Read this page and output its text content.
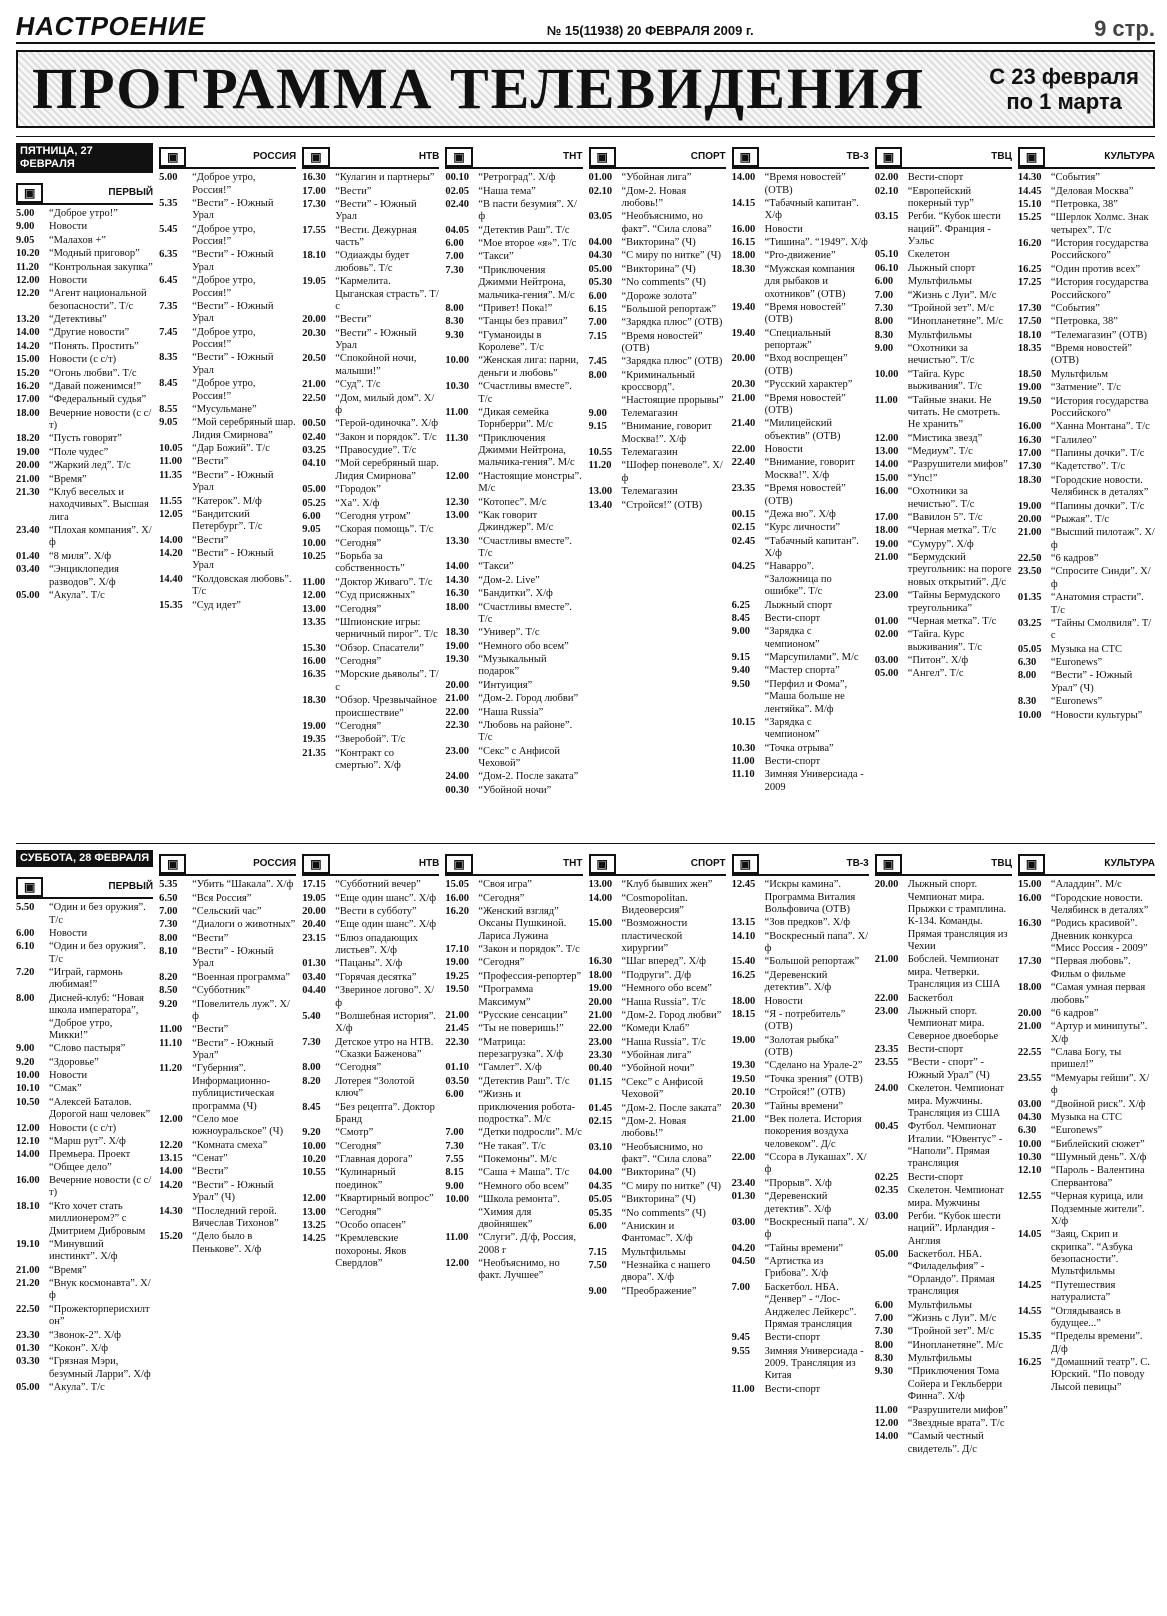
НАСТРОЕНИЕ	№ 15(11938) 20 ФЕВРАЛЯ 2009 г.	9 стр.
ПРОГРАММА ТЕЛЕВИДЕНИЯ	С 23 февраля
по 1 марта
ПЯТНИЦА, 27 ФЕВРАЛЯ
▣	ПЕРВЫЙ
5.00	“Доброе утро!”
9.00	Новости
9.05	“Малахов +”
10.20 “Модный приговор”
11.20 “Контрольная закупка”
12.00 Новости
12.20 “Агент национальной безопасности”. Т/с
13.20 “Детективы”
14.00 “Другие новости”
14.20 “Понять. Простить”
15.00 Новости (с с/т)
15.20 “Огонь любви”. Т/с
16.20 “Давай поженимся!”
17.00 “Федеральный судья”
18.00 Вечерние новости (с с/т)
18.20 “Пусть говорят”
19.00 “Поле чудес”
20.00 “Жаркий лед”. Т/с
21.00 “Время”
21.30 “Клуб веселых и находчивых”. Высшая лига
23.40 “Плохая компания”. Х/ф
01.40 “8 миля”. Х/ф
03.40 “Энциклопедия разводов”. Х/ф
05.00 “Акула”. Т/с
▣	РОССИЯ
5.00	“Доброе утро, Россия!”
5.35	“Вести” - Южный Урал
5.45	“Доброе утро, Россия!”
6.35	“Вести” - Южный Урал
6.45	“Доброе утро, Россия!”
7.35	“Вести” - Южный Урал
7.45	“Доброе утро, Россия!”
8.35	“Вести” - Южный Урал
8.45	“Доброе утро, Россия!”
8.55	“Мусульмане”
9.05	“Мой серебряный шар. Лидия Смирнова”
10.05 “Дар Божий”. Т/с
11.00 “Вести”
11.35 “Вести” - Южный Урал
11.55 “Катерок”. М/ф
12.05 “Бандитский Петербург”. Т/с
14.00 “Вести”
14.20 “Вести” - Южный Урал
14.40 “Колдовская любовь”. Т/с
15.35 “Суд идет”
▣	НТВ
16.30 “Кулагин и партнеры”
17.00 “Вести”
17.30 “Вести” - Южный Урал
17.55 “Вести. Дежурная часть”
18.10 “Одиажды будет любовь”. Т/с
19.05 “Кармелита. Цыганская страсть”. Т/с
20.00 “Вести”
20.30 “Вести” - Южный Урал
20.50 “Спокойной ночи, малыши!”
21.00 “Суд”. Т/с
22.50 “Дом, милый дом”. Х/ф
00.50 “Герой-одиночка”. Х/ф
02.40 “Закон и порядок”. Т/с
03.25 “Правосудие”. Т/с
04.10 “Мой серебряный шар. Лидия Смирнова”
05.00 “Городок”
05.25 “Ха”. Х/ф
6.00	“Сегодня утром”
9.05	“Скорая помощь”. Т/с
10.00 “Сегодня”
10.25 “Борьба за собственность”
11.00 “Доктор Живаго”. Т/с
12.00 “Суд присяжных”
13.00 “Сегодня”
13.35 “Шпионские игры: черничный пирог”. Т/с
15.30 “Обзор. Спасатели”
16.00 “Сегодня”
16.35 “Морские дьяволы”. Т/с
18.30 “Обзор. Чрезвычайное происшествие”
19.00 “Сегодня”
19.35 “Зверобой”. Т/с
21.35 “Контракт со смертью”. Х/ф
▣	ТНТ
00.10 “Ретроград”. Х/ф
02.05 “Наша тема”
02.40 “В пасти безумия”. Х/ф
04.05 “Детектив Раш”. Т/с
6.00	“Мое второе «я»”. Т/с
7.00	“Такси”
7.30	“Приключения Джимми Нейтрона, мальчика-гения”. М/с
8.00	“Привет! Пока!”
8.30	“Танцы без правил”
9.30	“Гуманоиды в Королеве”. Т/с
10.00 “Женская лига: парни, деньги и любовь”
10.30 “Счастливы вместе”. Т/с
11.00 “Дикая семейка Торнберри”. М/с
11.30 “Приключения Джимми Нейтрона, мальчика-гения”. М/с
12.00 “Настоящие монстры”. М/с
12.30 “Котопес”. М/с
13.00 “Как говорит Джинджер”. М/с
13.30 “Счастливы вместе”. Т/с
14.00 “Такси”
14.30 “Дом-2. Live”
16.30 “Бандитки”. Х/ф
18.00 “Счастливы вместе”. Т/с
18.30 “Универ”. Т/с
19.00 “Немного обо всем”
19.30 “Музыкальный подарок”
20.00 “Интуиция”
21.00 “Дом-2. Город любви”
22.00 “Наша Russia”
22.30 “Любовь на районе”. Т/с
23.00 “Секс” с Анфисой Чеховой”
24.00 “Дом-2. После заката”
00.30 “Убойной ночи”
▣	СПОРТ
01.00 “Убойная лига”
02.10 “Дом-2. Новая любовь!”
03.05 “Необъяснимо, но факт”. “Сила слова”
04.00 “Викторина” (Ч)
04.30 “С миру по нитке” (Ч)
05.00 “Викторина” (Ч)
05.30 “No comments” (Ч)
6.00	“Дороже золота”
6.15	“Большой репортаж”
7.00	“Зарядка плюс” (ОТВ)
7.15	“Время новостей” (ОТВ)
7.45	“Зарядка плюс” (ОТВ)
8.00	“Криминальный кроссворд”. “Настоящие прорывы”
9.00	Телемагазин
9.15	“Внимание, говорит Москва!”. Х/ф
10.55 Телемагазин
11.20 “Шофер поневоле”. Х/ф
13.00 Телемагазин
13.40 “Стройся!” (ОТВ)
▣	ТВ-3
14.00 “Время новостей” (ОТВ)
14.15 “Табачный капитан”. Х/ф
16.00 Новости
16.15 “Тишина”. “1949”. Х/ф
18.00 “Pro-движение”
18.30 “Мужская компания для рыбаков и охотников” (ОТВ)
19.40 “Время новостей” (ОТВ)
19.40 “Специальный репортаж”
20.00 “Вход воспрещен” (ОТВ)
20.30 “Русский характер”
21.00 “Время новостей” (ОТВ)
21.40 “Милицейский объектив” (ОТВ)
22.00 Новости
22.40 “Внимание, говорит Москва!”. Х/ф
23.35 “Время новостей” (ОТВ)
00.15 “Дежа вю”. Х/ф
02.15 “Курс личности”
02.45 “Табачный капитан”. Х/ф
04.25 “Наварро”. “Заложница по ошибке”. Т/с
6.25	Лыжный спорт
8.45	Вести-спорт
9.00	“Зарядка с чемпионом”
9.15	“Марсупилами”. М/с
9.40	“Мастер спорта”
9.50	“Перфил и Фома”, “Маша больше не лентяйка”. М/ф
10.15 “Зарядка с чемпионом”
10.30 “Точка отрыва”
11.00 Вести-спорт
11.10 Зимняя Универсиада - 2009
▣	ТВЦ
02.00 Вести-спорт
02.10 “Европейский покерный тур”
03.15 Регби. “Кубок шести наций”. Франция - Уэльс
05.10 Скелетон
06.10 Лыжный спорт
6.00	Мультфильмы
7.00	“Жизнь с Луи”. М/с
7.30	“Тройной зет”. М/с
8.00	“Инопланетяне”. М/с
8.30	Мультфильмы
9.00	“Охотники за нечистью”. Т/с
10.00 “Тайга. Курс выживания”. Т/с
11.00 “Тайные знаки. Не читать. Не смотреть. Не хранить”
12.00 “Мистика звезд”
13.00 “Медиум”. Т/с
14.00 “Разрушители мифов”
15.00 “Упс!”
16.00 “Охотники за нечистью”. Т/с
17.00 “Вавилон 5”. Т/с
18.00 “Черная метка”. Т/с
19.00 “Сумуру”. Х/ф
21.00 “Бермудский треугольник: на пороге новых открытий”. Д/с
23.00 “Тайны Бермудского треугольника”
01.00 “Черная метка”. Т/с
02.00 “Тайга. Курс выживания”. Т/с
03.00 “Питон”. Х/ф
05.00 “Ангел”. Т/с
▣	КУЛЬТУРА
14.30 “События”
14.45 “Деловая Москва”
15.10 “Петровка, 38”
15.25 “Шерлок Холмс. Знак четырех”. Т/с
16.20 “История государства Российского”
16.25 “Один против всех”
17.25 “История государства Российского”
17.30 “События”
17.50 “Петровка, 38”
18.10 “Телемагазин” (ОТВ)
18.35 “Время новостей” (ОТВ)
18.50 Мультфильм
19.00 “Затмение”. Т/с
19.50 “История государства Российского”
16.00 “Ханна Монтана”. Т/с
16.30 “Галилео”
17.00 “Папины дочки”. Т/с
17.30 “Кадетство”. Т/с
18.30 “Городские новости. Челябинск в деталях”
19.00 “Папины дочки”. Т/с
20.00 “Рыжая”. Т/с
21.00 “Высший пилотаж”. Х/ф
22.50 “6 кадров”
23.50 “Спросите Синди”. Х/ф
01.35 “Анатомия страсти”. Т/с
03.25 “Тайны Смолвиля”. Т/с
05.05 Музыка на СТС
6.30	“Euronews”
8.00	“Вести” - Южный Урал” (Ч)
8.30	“Euronews”
10.00 “Новости культуры”
СУББОТА, 28 ФЕВРАЛЯ
▣	ПЕРВЫЙ
5.50	“Один и без оружия”. Т/с
6.00	Новости
6.10	“Один и без оружия”. Т/с
7.20	“Играй, гармонь любимая!”
8.00	Дисней-клуб: “Новая школа императора”, “Доброе утро, Микки!”
9.00	“Слово пастыря”
9.20	“Здоровье”
10.00 Новости
10.10 “Смак”
10.50 “Алексей Баталов. Дорогой наш человек”
12.00 Новости (с с/т)
12.10 “Марш рут”. Х/ф
14.00 Премьера. Проект “Общее дело”
16.00 Вечерние новости (с с/т)
18.10 “Кто хочет стать миллионером?” с Дмитрием Дибровым
19.10 “Минувший инстинкт”. Х/ф
21.00 “Время”
21.20 “Внук космонавта”. Х/ф
22.50 “Прожекторперисхилтон”
23.30 “Звонок-2”. Х/ф
01.30 “Кокон”. Х/ф
03.30 “Грязная Мэри, безумный Ларри”. Х/ф
05.00 “Акула”. Т/с
▣	РОССИЯ
5.35	“Убить “Шакала”. Х/ф
6.50	“Вся Россия”
7.00	“Сельский час”
7.30	“Диалоги о животных”
8.00	“Вести”
8.10	“Вести” - Южный Урал
8.20	“Военная программа”
8.50	“Субботник”
9.20	“Повелитель луж”. Х/ф
11.00 “Вести”
11.10 “Вести” - Южный Урал”
11.20 “Губерния”. Информационно-публицистическая программа (Ч)
12.00 “Село мое южноуральское” (Ч)
12.20 “Комната смеха”
13.15 “Сенат”
14.00 “Вести”
14.20 “Вести” - Южный Урал” (Ч)
14.30 “Последний герой. Вячеслав Тихонов”
15.20 “Дело было в Пенькове”. Х/ф
▣	НТВ
17.15 “Субботний вечер”
19.05 “Еще один шанс”. Х/ф
20.00 “Вести в субботу”
20.40 “Еще один шанс”. Х/ф
23.15 “Блюз опадающих листьев”. Х/ф
01.30 “Пацаны”. Х/ф
03.40 “Горячая десятка”
04.40 “Звериное логово”. Х/ф
5.40	“Волшебная история”. Х/ф
7.30	Детское утро на НТВ. “Сказки Баженова”
8.00	“Сегодня”
8.20	Лотерея “Золотой ключ”
8.45	“Без рецепта”. Доктор Бранд
9.20	“Смотр”
10.00 “Сегодня”
10.20 “Главная дорога”
10.55 “Кулинарный поединок”
12.00 “Квартирный вопрос”
13.00 “Сегодня”
13.25 “Особо опасен”
14.25 “Кремлевские похороны. Яков Свердлов”
▣	ТНТ
15.05 “Своя игра”
16.00 “Сегодня”
16.20 “Женский взгляд” Оксаны Пушкиной. Лариса Лужина
17.10 “Закон и порядок”. Т/с
19.00 “Сегодня”
19.25 “Профессия-репортер”
19.50 “Программа Максимум”
21.00 “Русские сенсации”
21.45 “Ты не поверишь!”
22.30 “Матрица: перезагрузка”. Х/ф
01.10 “Гамлет”. Х/ф
03.50 “Детектив Раш”. Т/с
6.00	“Жизнь и приключения робота-подростка”. М/с
7.00	“Детки подросли”. М/с
7.30	“Не такая”. Т/с
7.55	“Покемоны”. М/с
8.15	“Саша + Маша”. Т/с
9.00	“Немного обо всем”
10.00 “Школа ремонта”. “Химия для двойняшек”
11.00 “Слуги”. Д/ф, Россия, 2008 г
12.00 “Необъяснимо, но факт. Лучшее”
▣	СПОРТ
13.00 “Клуб бывших жен”
14.00 “Cosmopolitan. Видеоверсия”
15.00 “Возможности пластической хирургии”
16.30 “Шаг вперед”. Х/ф
18.00 “Подруги”. Д/ф
19.00 “Немного обо всем”
20.00 “Наша Russia”. Т/с
21.00 “Дом-2. Город любви”
22.00 “Комеди Клаб”
23.00 “Наша Russia”. Т/с
23.30 “Убойная лига”
00.40 “Убойной ночи”
01.15 “Секс” с Анфисой Чеховой”
01.45 “Дом-2. После заката”
02.15 “Дом-2. Новая любовь!”
03.10 “Необъяснимо, но факт”. “Сила слова”
04.00 “Викторина” (Ч)
04.35 “С миру по нитке” (Ч)
05.05 “Викторина” (Ч)
05.35 “No comments” (Ч)
6.00	“Анискин и Фантомас”. Х/ф
7.15	Мультфильмы
7.50	“Незнайка с нашего двора”. Х/ф
9.00	“Преображение”
▣	ТВ-3
12.45 “Искры камина”. Программа Виталия Вольфовича (ОТВ)
13.15 “Зов предков”. Х/ф
14.10 “Воскресный папа”. Х/ф
15.40 “Большой репортаж”
16.25 “Деревенский детектив”. Х/ф
18.00 Новости
18.15 “Я - потребитель” (ОТВ)
19.00 “Золотая рыбка” (ОТВ)
19.30 “Сделано на Урале-2”
19.50 “Точка зрения” (ОТВ)
20.10 “Стройся!” (ОТВ)
20.30 “Тайны времени”
21.00 “Век полета. История покорения воздуха человеком”. Д/с
22.00 “Ссора в Лукашах”. Х/ф
23.40 “Прорыв”. Х/ф
01.30 “Деревенский детектив”. Х/ф
03.00 “Воскресный папа”. Х/ф
04.20 “Тайны времени”
04.50 “Артистка из Грибова”. Х/ф
7.00	Баскетбол. НБА. “Денвер” - “Лос-Анджелес Лейкерс”. Прямая трансляция
9.45	Вести-спорт
9.55	Зимняя Универсиада - 2009. Трансляция из Китая
11.00 Вести-спорт
▣	ТВЦ
20.00 Лыжный спорт. Чемпионат мира. Прыжки с трамплина. К-134. Команды. Прямая трансляция из Чехии
21.00 Бобслей. Чемпионат мира. Четверки. Трансляция из США
22.00 Баскетбол
23.00 Лыжный спорт. Чемпионат мира. Северное двоеборье
23.35 Вести-спорт
23.55 “Вести - спорт” - Южный Урал” (Ч)
24.00 Скелетон. Чемпионат мира. Мужчины. Трансляция из США
00.45 Футбол. Чемпионат Италии. “Ювентус” - “Наполи”. Прямая трансляция
02.25 Вести-спорт
02.35 Скелетон. Чемпионат мира. Мужчины
03.00 Регби. “Кубок шести наций”. Ирландия - Англия
05.00 Баскетбол. НБА. “Филадельфия” - “Орландо”. Прямая трансляция
6.00	Мультфильмы
7.00	“Жизнь с Луи”. М/с
7.30	“Тройной зет”. М/с
8.00	“Инопланетяне”. М/с
8.30	Мультфильмы
9.30	“Приключения Тома Сойера и Гекльберри Финна”. Х/ф
11.00 “Разрушители мифов”
12.00 “Звездные врата”. Т/с
14.00 “Самый честный свидетель”. Д/с
▣	КУЛЬТУРА
15.00 “Аладдин”. М/с
16.00 “Городские новости. Челябинск в деталях”
16.30 “Родись красивой”. Дневник конкурса “Мисс Россия - 2009”
17.30 “Первая любовь”. Фильм о фильме
18.00 “Самая умная первая любовь”
20.00 “6 кадров”
21.00 “Артур и минипуты”. Х/ф
22.55 “Слава Богу, ты пришел!”
23.55 “Мемуары гейши”. Х/ф
03.00 “Двойной риск”. Х/ф
04.30 Музыка на СТС
6.30	“Euronews”
10.00 “Библейский сюжет”
10.30 “Шумный день”. Х/ф
12.10 “Пароль - Валентина Спервантова”
12.55 “Черная курица, или Подземные жители”. Х/ф
14.05 “Заяц, Скрип и скрипка”. “Азбука безопасности”. Мультфильмы
14.25 “Путешествия натуралиста”
14.55 “Оглядываясь в будущее...”
15.35 “Пределы времени”. Д/ф
16.25 “Домашний театр”. С. Юрский. “По поводу Лысой певицы”
